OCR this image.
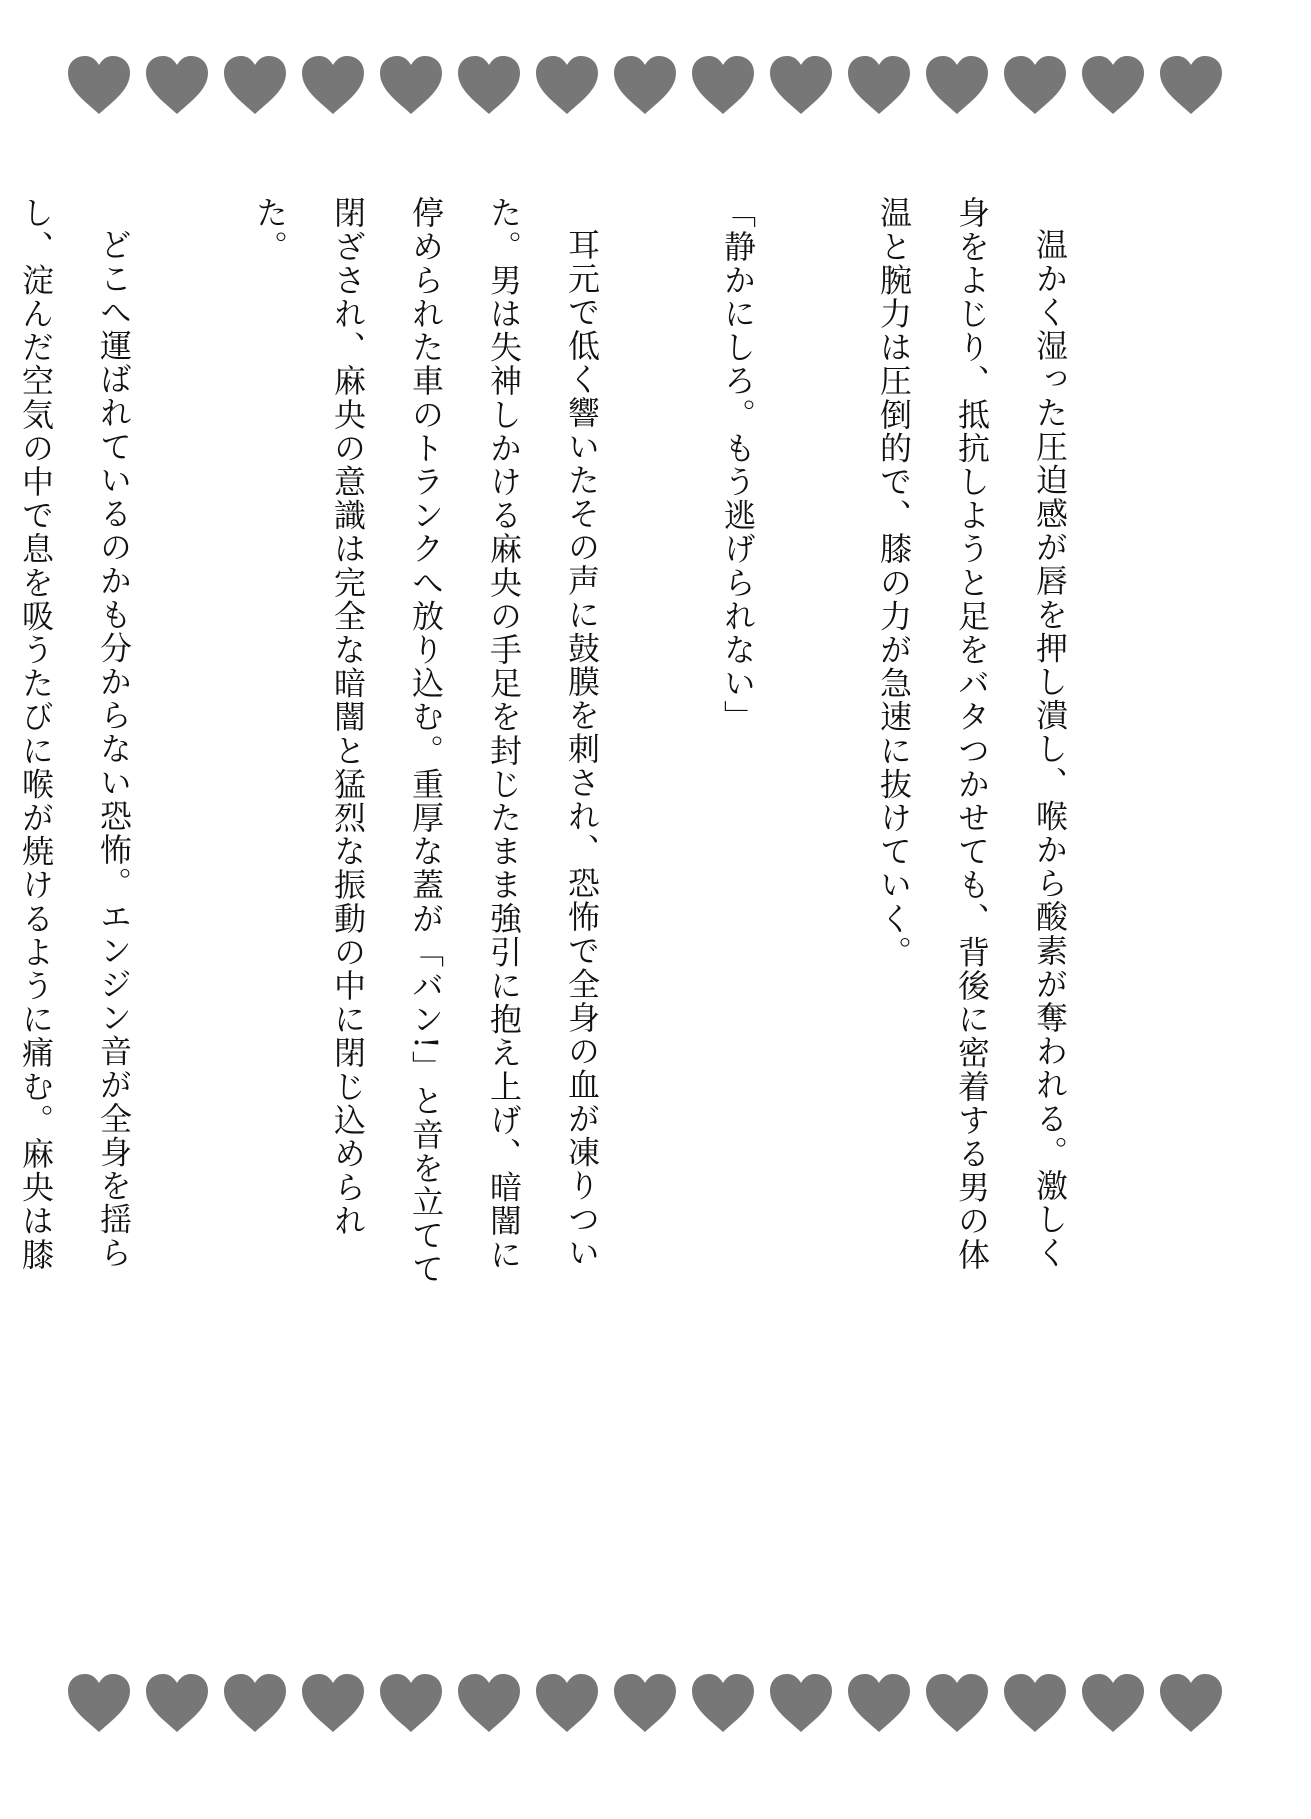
温かく湿った圧迫感が唇を押し潰し、喉から酸素が奪われる。激しく身をよじり、抵抗しようと足をバタつかせても、背後に密着する男の体温と腕力は圧倒的で、膝の力が急速に抜けていく。

「静かにしろ。もう逃げられない」

耳元で低く響いたその声に鼓膜を刺され、恐怖で全身の血が凍りついた。男は失神しかける麻央の手足を封じたまま強引に抱え上げ、暗闇に停められた車のトランクへ放り込む。重厚な蓋が「バン!」と音を立てて閉ざされ、麻央の意識は完全な暗闇と猛烈な振動の中に閉じ込められた。

どこへ運ばれているのかも分からない恐怖。エンジン音が全身を揺らし、淀んだ空気の中で息を吸うたびに喉が焼けるように痛む。麻央は膝
